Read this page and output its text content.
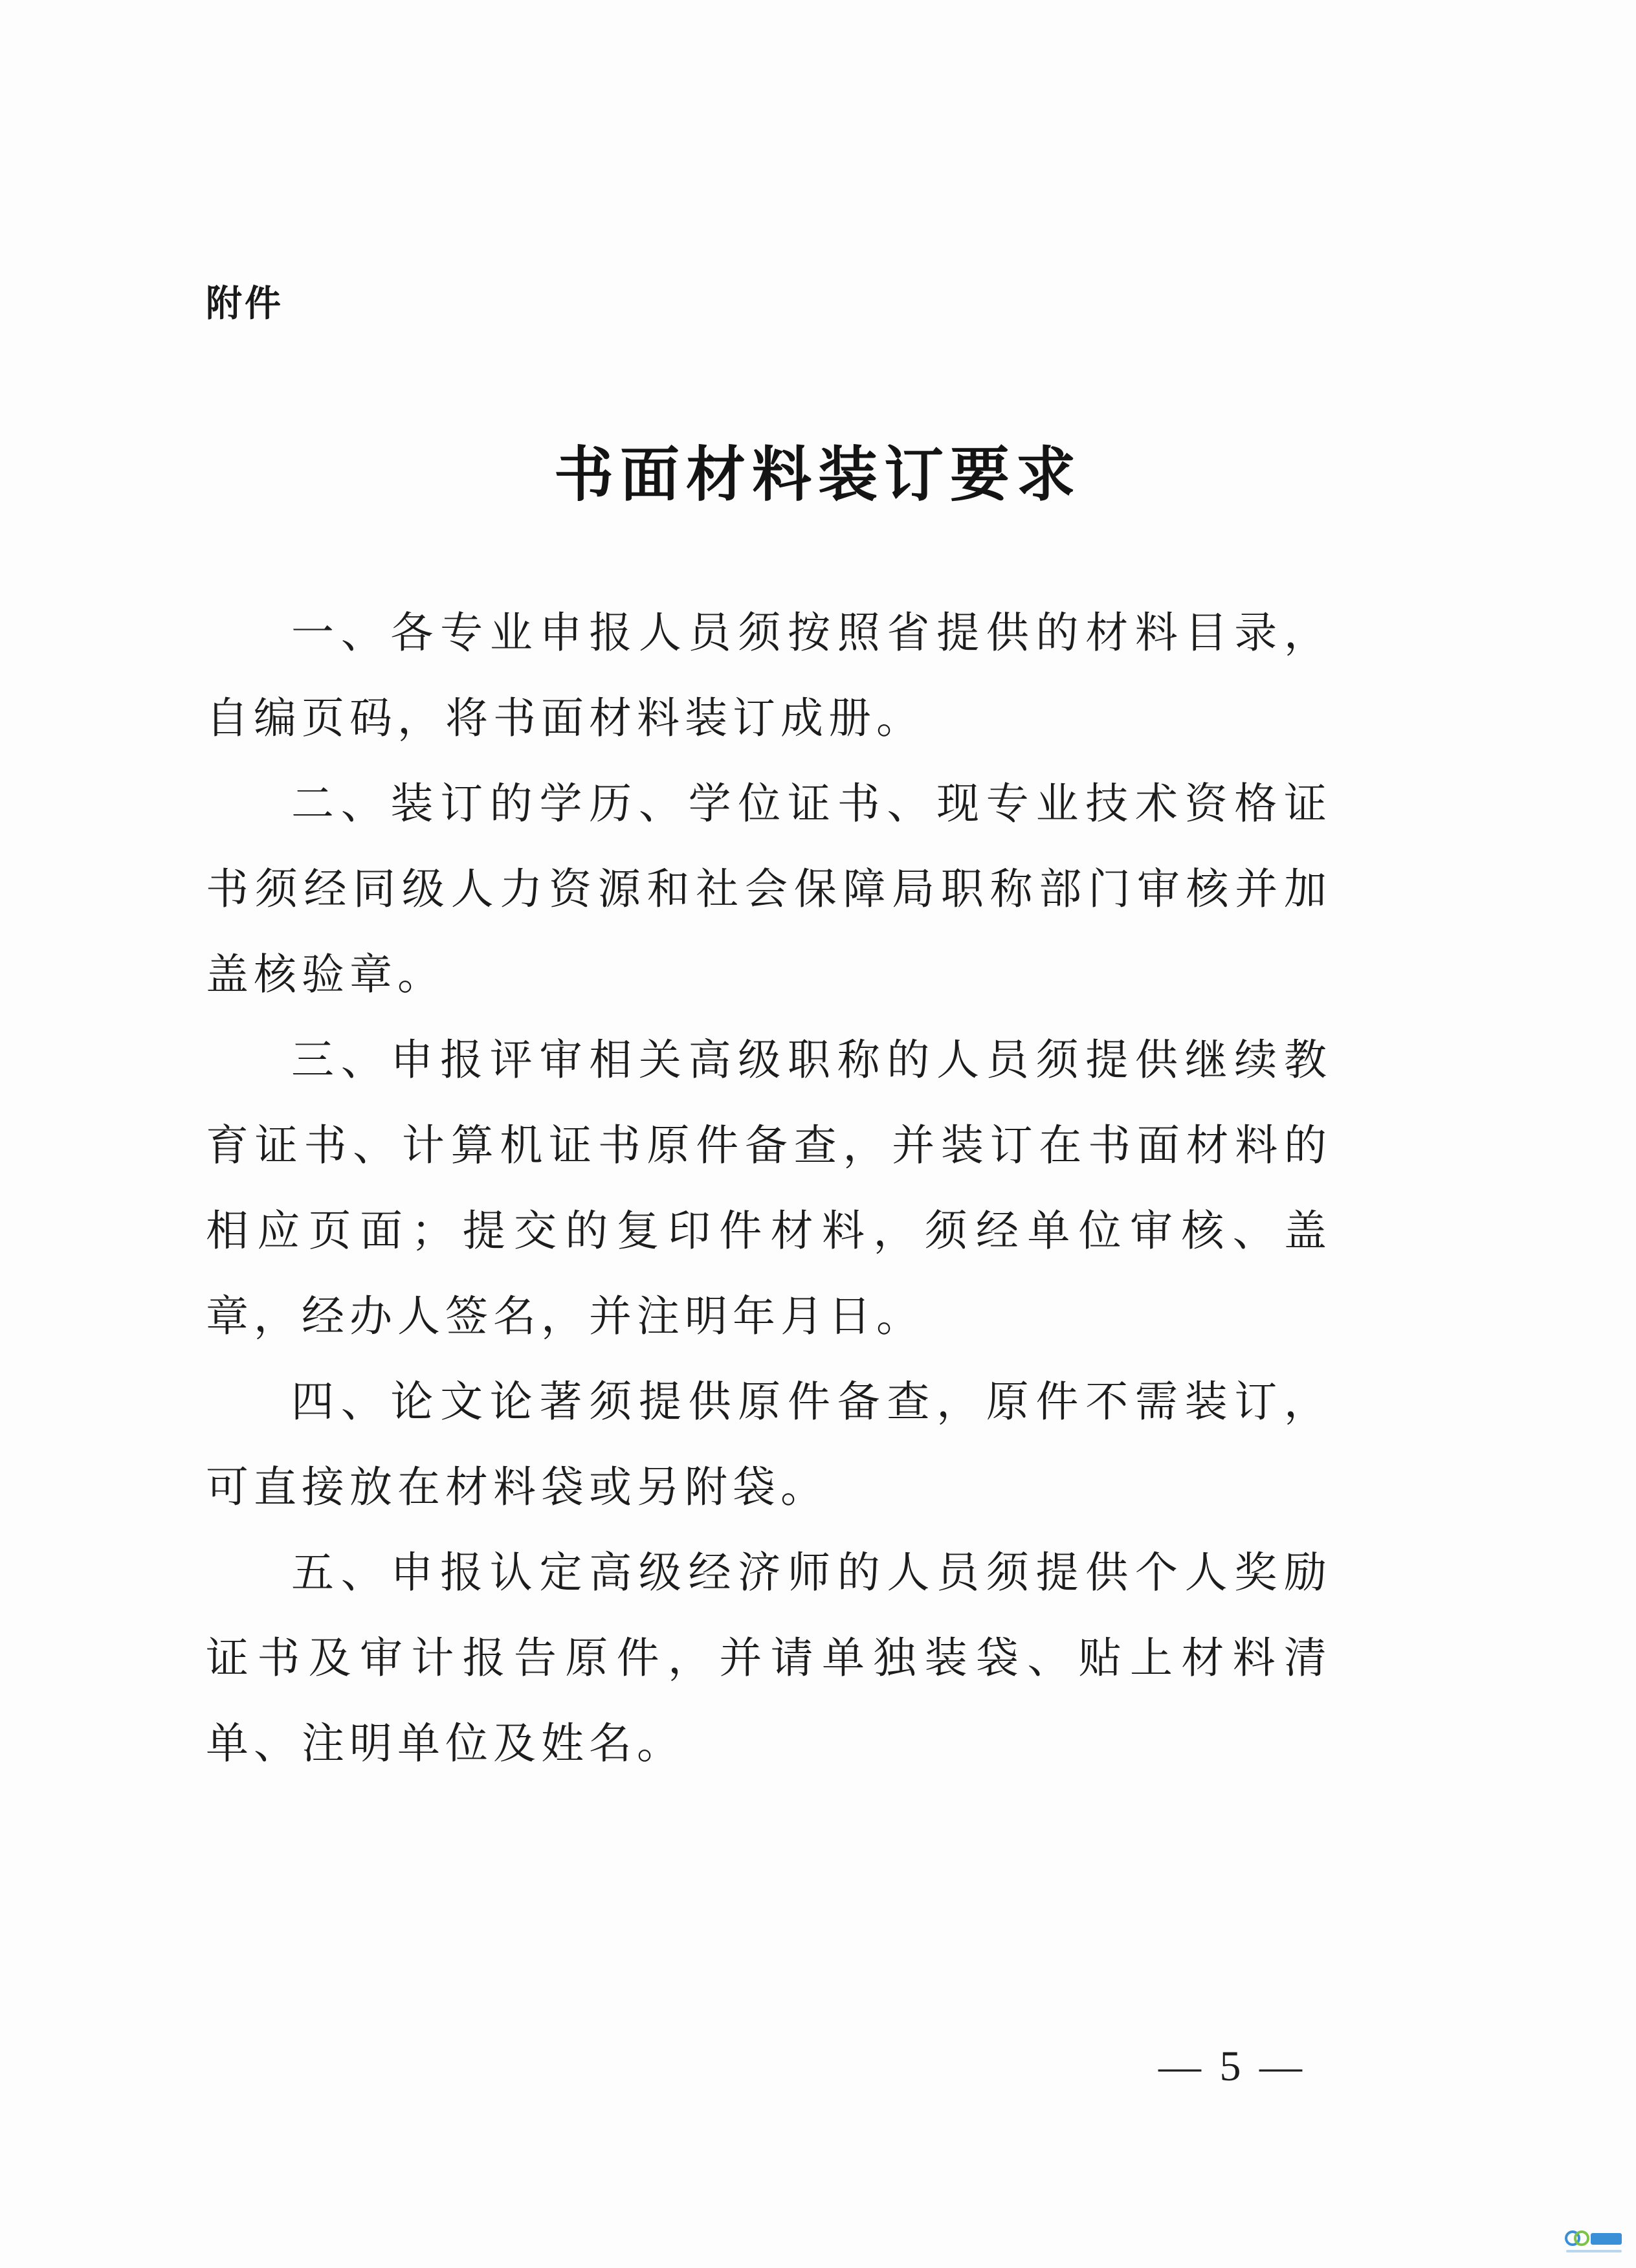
附件
书面材料装订要求

一、各专业申报人员须按照省提供的材料目录，自编页码，将书面材料装订成册。

二、装订的学历、学位证书、现专业技术资格证书须经同级人力资源和社会保障局职称部门审核并加盖核验章。

三、申报评审相关高级职称的人员须提供继续教育证书、计算机证书原件备查，并装订在书面材料的相应页面；提交的复印件材料，须经单位审核、盖章，经办人签名，并注明年月日。

四、论文论著须提供原件备查，原件不需装订，可直接放在材料袋或另附袋。

五、申报认定高级经济师的人员须提供个人奖励证书及审计报告原件，并请单独装袋、贴上材料清单、注明单位及姓名。

— 5 —
